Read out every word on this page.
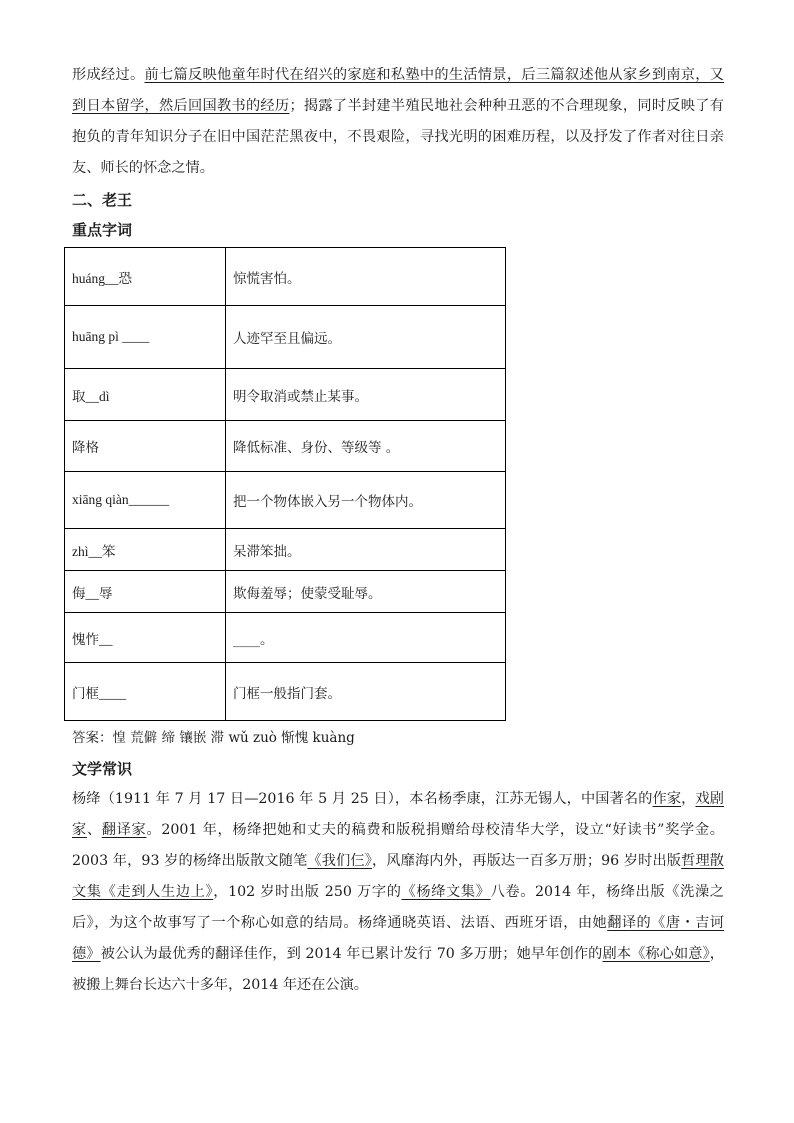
形成经过。前七篇反映他童年时代在绍兴的家庭和私塾中的生活情景，后三篇叙述他从家乡到南京，又到日本留学，然后回国教书的经历；揭露了半封建半殖民地社会种种丑恶的不合理现象，同时反映了有抱负的青年知识分子在旧中国茫茫黑夜中，不畏艰险，寻找光明的困难历程，以及抒发了作者对往日亲友、师长的怀念之情。

二、老王

重点字词

huáng__恐	惊慌害怕。
huāng pì ____	人迹罕至且偏远。
取__dì	明令取消或禁止某事。
降格	降低标准、身份、等级等 。
xiāng qiàn______	把一个物体嵌入另一个物体内。
zhì__笨	呆滞笨拙。
侮__辱	欺侮羞辱；使蒙受耻辱。
愧怍__	____。
门框____	门框一般指门套。

答案：惶 荒僻 缔 镶嵌 滞 wǔ zuò 惭愧 kuàng

文学常识

杨绛（1911 年 7 月 17 日—2016 年 5 月 25 日），本名杨季康，江苏无锡人，中国著名的作家，戏剧家、翻译家。2001 年，杨绛把她和丈夫的稿费和版税捐赠给母校清华大学，设立“好读书”奖学金。2003 年，93 岁的杨绛出版散文随笔《我们仨》，风靡海内外，再版达一百多万册；96 岁时出版哲理散文集《走到人生边上》，102 岁时出版 250 万字的《杨绛文集》八卷。2014 年，杨绛出版《洗澡之后》，为这个故事写了一个称心如意的结局。杨绛通晓英语、法语、西班牙语，由她翻译的《唐・吉诃德》被公认为最优秀的翻译佳作，到 2014 年已累计发行 70 多万册；她早年创作的剧本《称心如意》，被搬上舞台长达六十多年，2014 年还在公演。
